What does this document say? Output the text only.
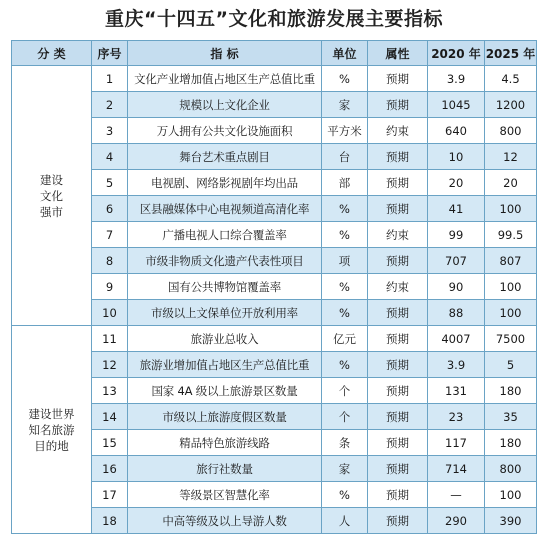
重庆“十四五”文化和旅游发展主要指标
分 类	序号	指 标	单位	属性	2020 年	2025 年

建设
文化
强市	1	文化产业增加值占地区生产总值比重	%	预期	3.9	4.5
	2	规模以上文化企业	家	预期	1045	1200
	3	万人拥有公共文化设施面积	平方米	约束	640	800
	4	舞台艺术重点剧目	台	预期	10	12
	5	电视剧、网络影视剧年均出品	部	预期	20	20
	6	区县融媒体中心电视频道高清化率	%	预期	41	100
	7	广播电视人口综合覆盖率	%	约束	99	99.5
	8	市级非物质文化遗产代表性项目	项	预期	707	807
	9	国有公共博物馆覆盖率	%	约束	90	100
	10	市级以上文保单位开放利用率	%	预期	88	100

建设世界
知名旅游
目的地	11	旅游业总收入	亿元	预期	4007	7500
	12	旅游业增加值占地区生产总值比重	%	预期	3.9	5
	13	国家 4A 级以上旅游景区数量	个	预期	131	180
	14	市级以上旅游度假区数量	个	预期	23	35
	15	精品特色旅游线路	条	预期	117	180
	16	旅行社数量	家	预期	714	800
	17	等级景区智慧化率	%	预期	—	100
	18	中高等级及以上导游人数	人	预期	290	390
